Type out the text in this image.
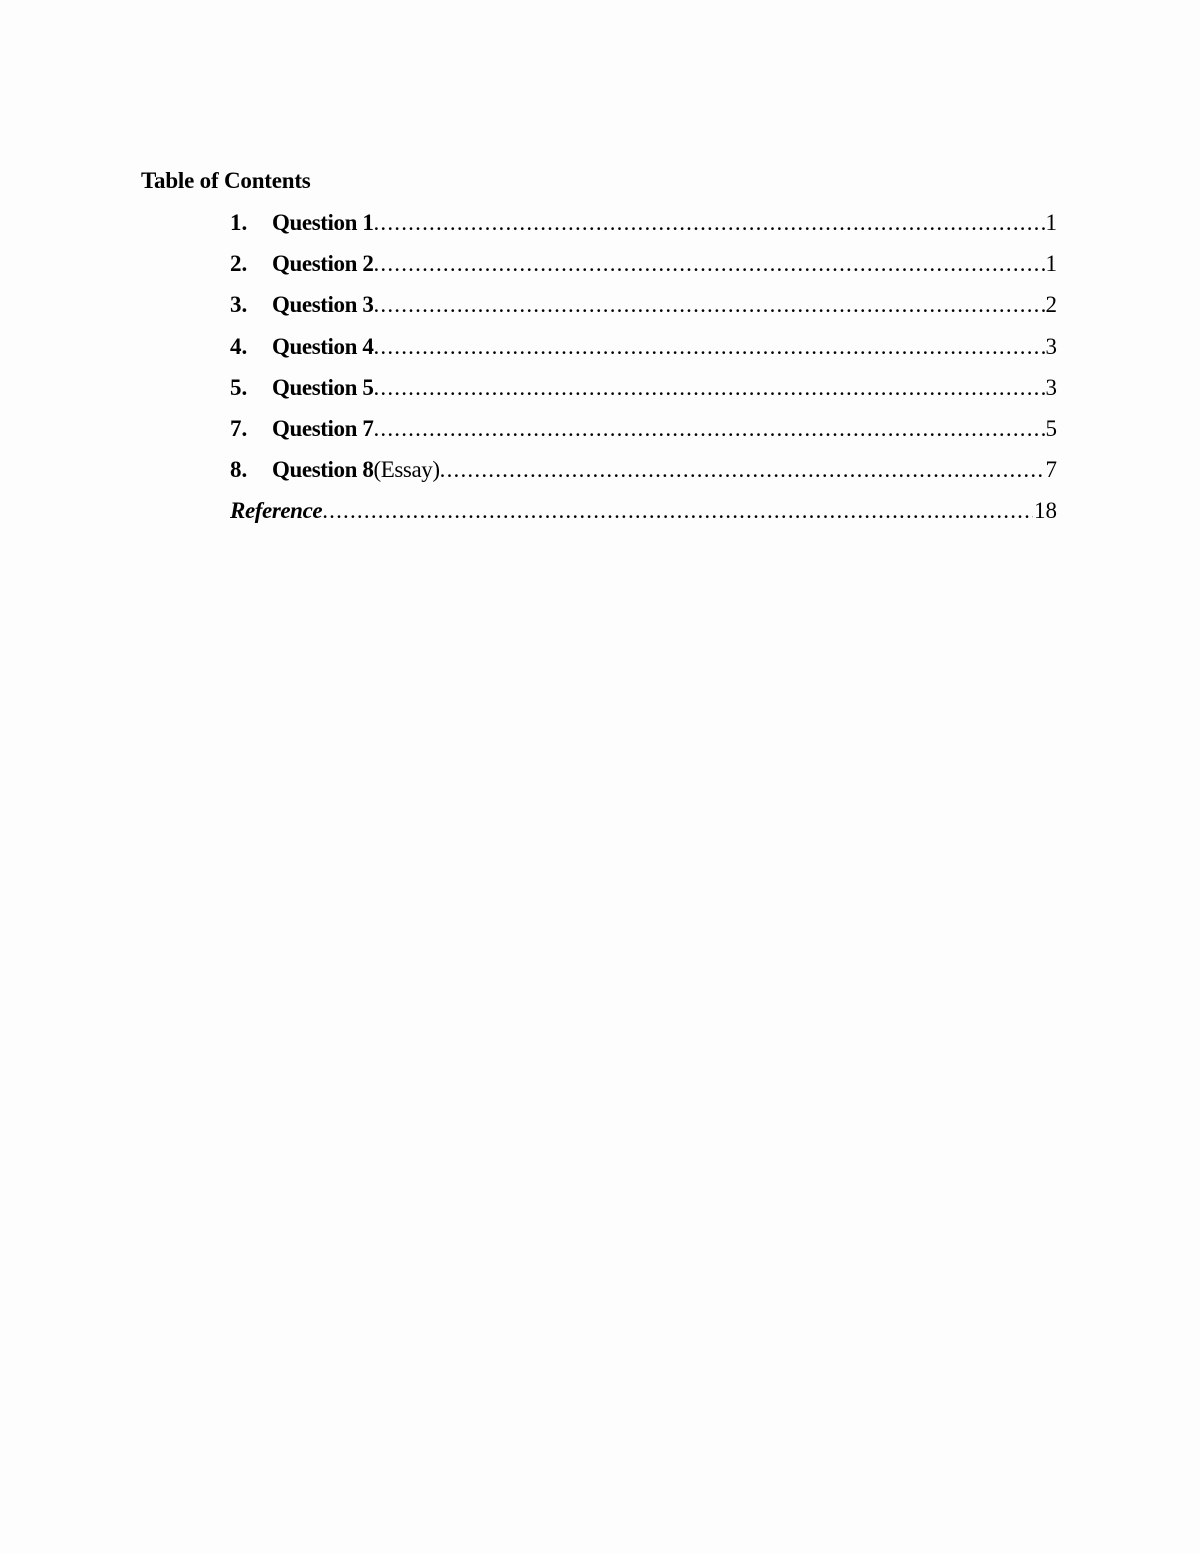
Table of Contents
1.	Question 1 .....	1
2.	Question 2 .....	1
3.	Question 3 .....	2
4.	Question 4 .....	3
5.	Question 5 .....	3
7.	Question 7 .....	5
8.	Question 8 (Essay) .....	7
Reference .....	18
